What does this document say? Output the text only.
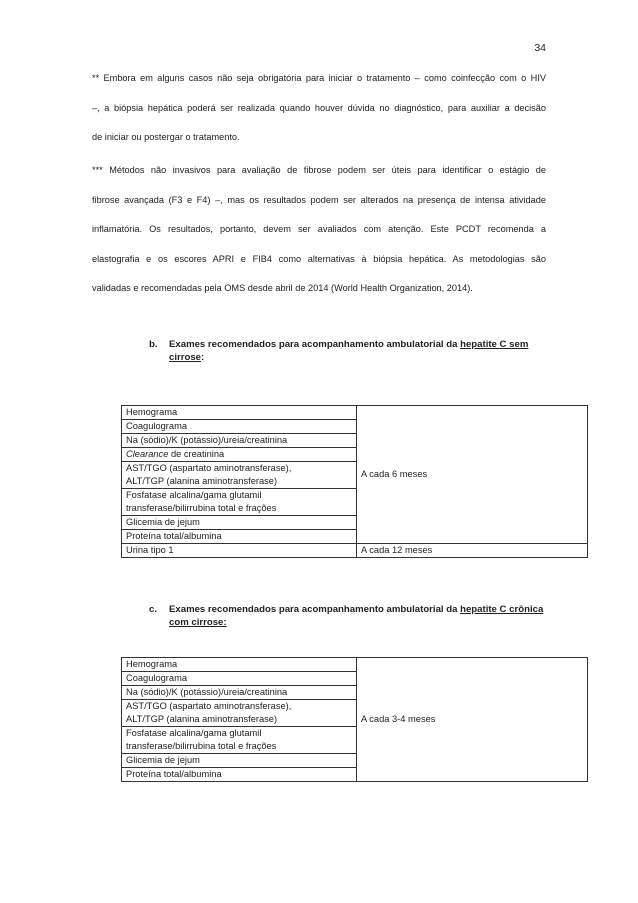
34
** Embora em alguns casos não seja obrigatória para iniciar o tratamento – como coinfecção com o HIV
–, a biópsia hepática poderá ser realizada quando houver dúvida no diagnóstico, para auxiliar a decisão
de iniciar ou postergar o tratamento.
*** Métodos não invasivos para avaliação de fibrose podem ser úteis para identificar o estágio de
fibrose avançada (F3 e F4) –, mas os resultados podem ser alterados na presença de intensa atividade
inflamatória. Os resultados, portanto, devem ser avaliados com atenção. Este PCDT recomenda a
elastografia e os escores APRI e FIB4 como alternativas à biópsia hepática. As metodologias são
validadas e recomendadas pela OMS desde abril de 2014 (World Health Organization, 2014).
b.	Exames recomendados para acompanhamento ambulatorial da hepatite C sem cirrose:
Hemograma	A cada 6 meses
Coagulograma	
Na (sódio)/K (potássio)/ureia/creatinina	
Clearance de creatinina	
AST/TGO (aspartato aminotransferase),
ALT/TGP (alanina aminotransferase)	
Fosfatase alcalina/gama glutamil
transferase/bilirrubina total e frações	
Glicemia de jejum	
Proteína total/albumina	
Urina tipo 1	A cada 12 meses
c.	Exames recomendados para acompanhamento ambulatorial da hepatite C crônica com cirrose:
Hemograma	A cada 3-4 meses
Coagulograma
Na (sódio)/K (potássio)/ureia/creatinina

AST/TGO (aspartato aminotransferase),
ALT/TGP (alanina aminotransferase)

Fosfatase alcalina/gama glutamil
transferase/bilirrubina total e frações

Glicemia de jejum
Proteína total/albumina
